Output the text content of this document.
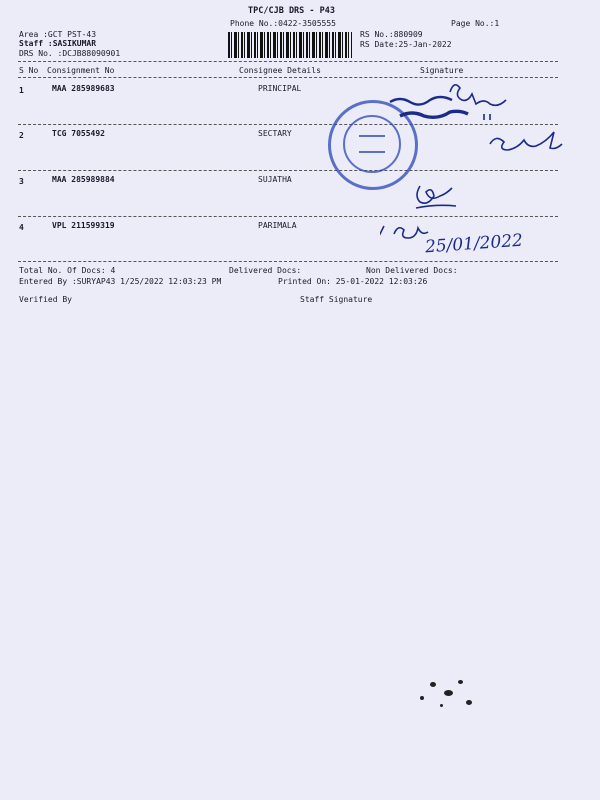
TPC/CJB DRS - P43
Phone No.:0422-3505555	Page No.:1
Area :GCT PST-43
Staff :SASIKUMAR
DRS No. :DCJB88090901
RS No.:880909
RS Date:25-Jan-2022
S No Consignment No	Consignee Details	Signature
1	MAA 285989683	PRINCIPAL
2	TCG 7055492	SECTARY
3	MAA 285989884	SUJATHA
4	VPL 211599319	PARIMALA
Total No. Of Docs: 4	Delivered Docs:	Non Delivered Docs:
Entered By :SURYAP43 1/25/2022 12:03:23 PM	Printed On: 25-01-2022 12:03:26
Verified By	Staff Signature
25/01/2022
